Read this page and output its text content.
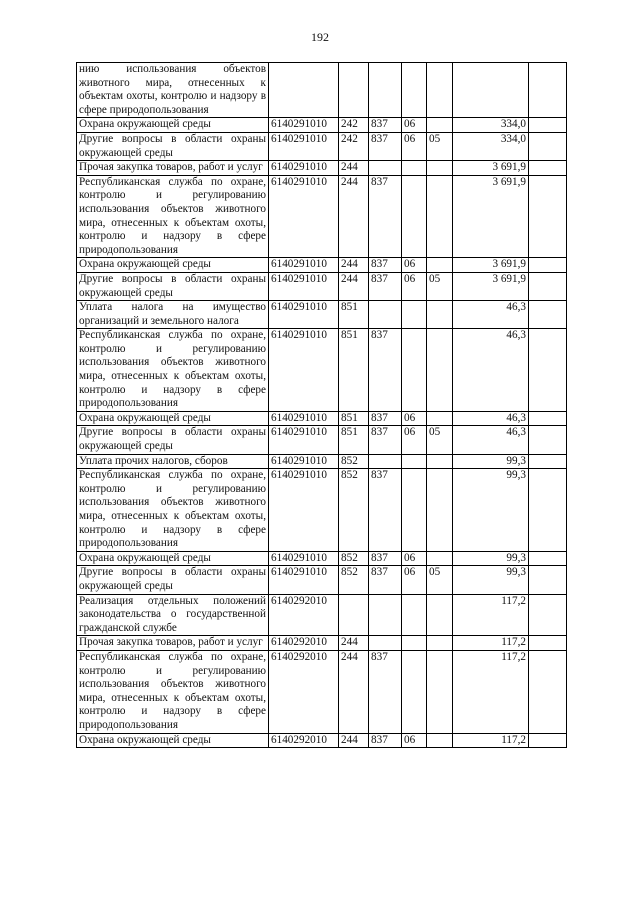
192
нию использования объектов животного мира, отнесенных к объектам охоты, контролю и надзору в сфере природопользования							
Охрана окружающей среды	6140291010	242	837	06		334,0	
Другие вопросы в области охраны окружающей среды	6140291010	242	837	06	05	334,0	
Прочая закупка товаров, работ и услуг	6140291010	244				3 691,9	
Республиканская служба по охране, контролю и регулированию использования объектов животного мира, отнесенных к объектам охоты, контролю и надзору в сфере природопользования	6140291010	244	837			3 691,9	
Охрана окружающей среды	6140291010	244	837	06		3 691,9	
Другие вопросы в области охраны окружающей среды	6140291010	244	837	06	05	3 691,9	
Уплата налога на имущество организаций и земельного налога	6140291010	851				46,3	
Республиканская служба по охране, контролю и регулированию использования объектов животного мира, отнесенных к объектам охоты, контролю и надзору в сфере природопользования	6140291010	851	837			46,3	
Охрана окружающей среды	6140291010	851	837	06		46,3	
Другие вопросы в области охраны окружающей среды	6140291010	851	837	06	05	46,3	
Уплата прочих налогов, сборов	6140291010	852				99,3	
Республиканская служба по охране, контролю и регулированию использования объектов животного мира, отнесенных к объектам охоты, контролю и надзору в сфере природопользования	6140291010	852	837			99,3	
Охрана окружающей среды	6140291010	852	837	06		99,3	
Другие вопросы в области охраны окружающей среды	6140291010	852	837	06	05	99,3	
Реализация отдельных положений законодательства о государственной гражданской службе	6140292010					117,2	
Прочая закупка товаров, работ и услуг	6140292010	244				117,2	
Республиканская служба по охране, контролю и регулированию использования объектов животного мира, отнесенных к объектам охоты, контролю и надзору в сфере природопользования	6140292010	244	837			117,2	
Охрана окружающей среды	6140292010	244	837	06		117,2	
